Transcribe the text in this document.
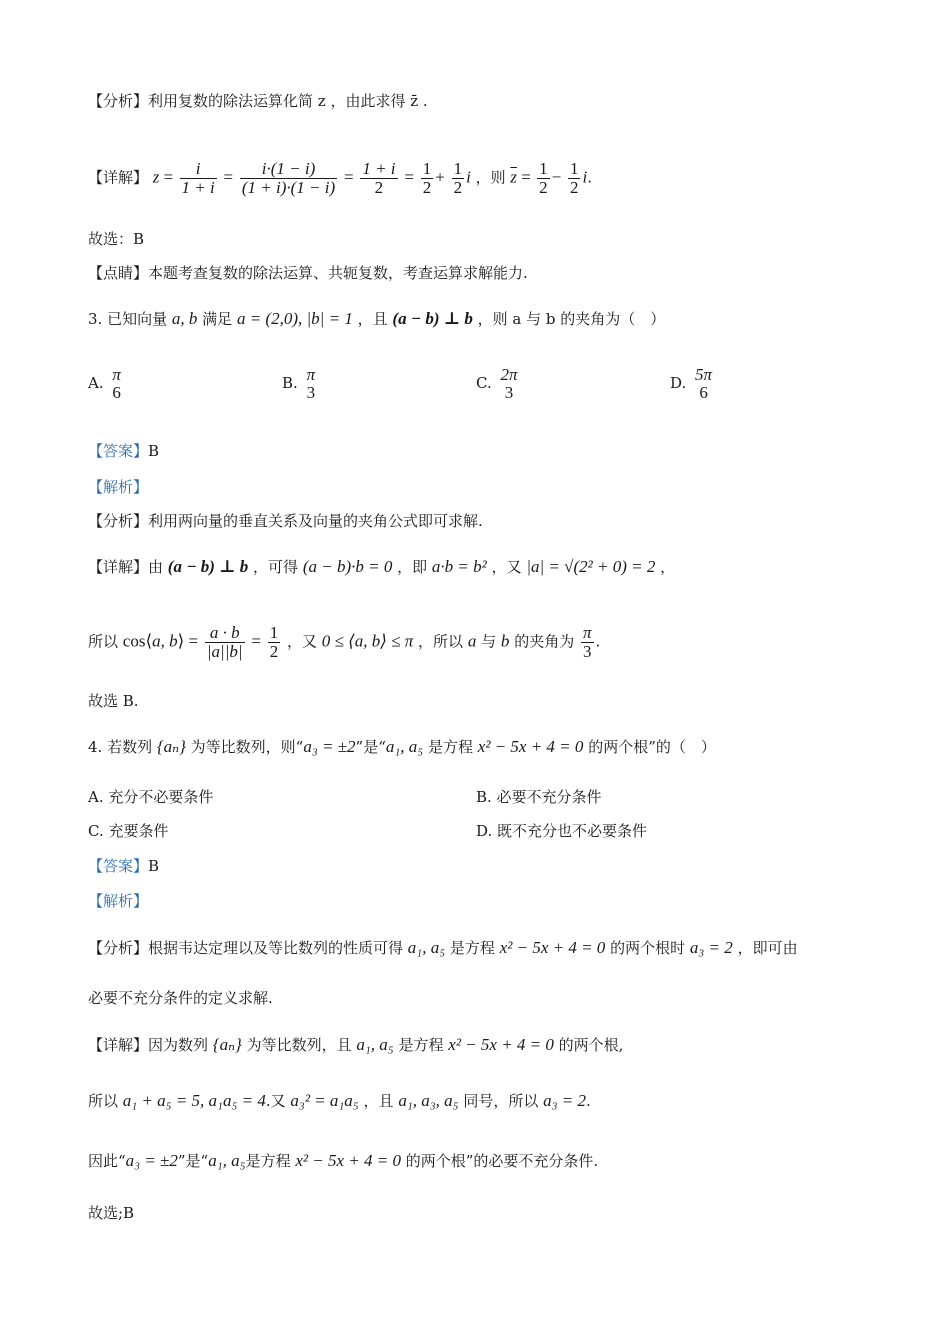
【分析】利用复数的除法运算化简 z ，由此求得 z̄ .
【详解】 $z = \frac{i}{1 + i} = \frac{i\cdot(1 - i)}{(1 + i)\cdot(1 - i)} = \frac{1 + i}{2} = \frac{1}{2} + \frac{1}{2}$ i ，则 $\overline{z} = \frac{1}{2} - \frac{1}{2} i$.
故选：B
【点睛】本题考查复数的除法运算、共轭复数，考查运算求解能力.
3. 已知向量 a, b 满足 a = (2,0), |b| = 1 ，且 (a − b) ⊥ b ，则 a 与 b 的夹角为（　）
A. π
6	B. π
3	C. 2π
3	D. 5π
6
【答案】B
【解析】
【分析】利用两向量的垂直关系及向量的夹角公式即可求解.
【详解】由 (a − b) ⊥ b ，可得 (a − b)·b = 0 ，即 a·b = b² ，又 |a| = √(2² + 0) = 2 ，
所以 cos⟨a, b⟩ = $\frac{a \cdot b}{|a||b|} = \frac{1}{2}$ ，又 0 ≤ ⟨a, b⟩ ≤ π ，所以 a 与 b 的夹角为 $\frac{\pi}{3}$ .
故选 B.
4. 若数列 {aₙ} 为等比数列，则“a₃ = ±2”是“a₁, a₅ 是方程 x² − 5x + 4 = 0 的两个根”的（　）
A. 充分不必要条件	B. 必要不充分条件
C. 充要条件	D. 既不充分也不必要条件
【答案】B
【解析】
【分析】根据韦达定理以及等比数列的性质可得 a₁, a₅ 是方程 x² − 5x + 4 = 0 的两个根时 a₃ = 2 ，即可由
必要不充分条件的定义求解.
【详解】因为数列 {aₙ} 为等比数列，且 a₁, a₅ 是方程 x² − 5x + 4 = 0 的两个根,
所以 a₁ + a₅ = 5, a₁a₅ = 4.又 a₃² = a₁a₅ ，且 a₁, a₃, a₅ 同号，所以 a₃ = 2.
因此“a₃ = ±2”是“a₁, a₅是方程 x² − 5x + 4 = 0 的两个根”的必要不充分条件.
故选;B
